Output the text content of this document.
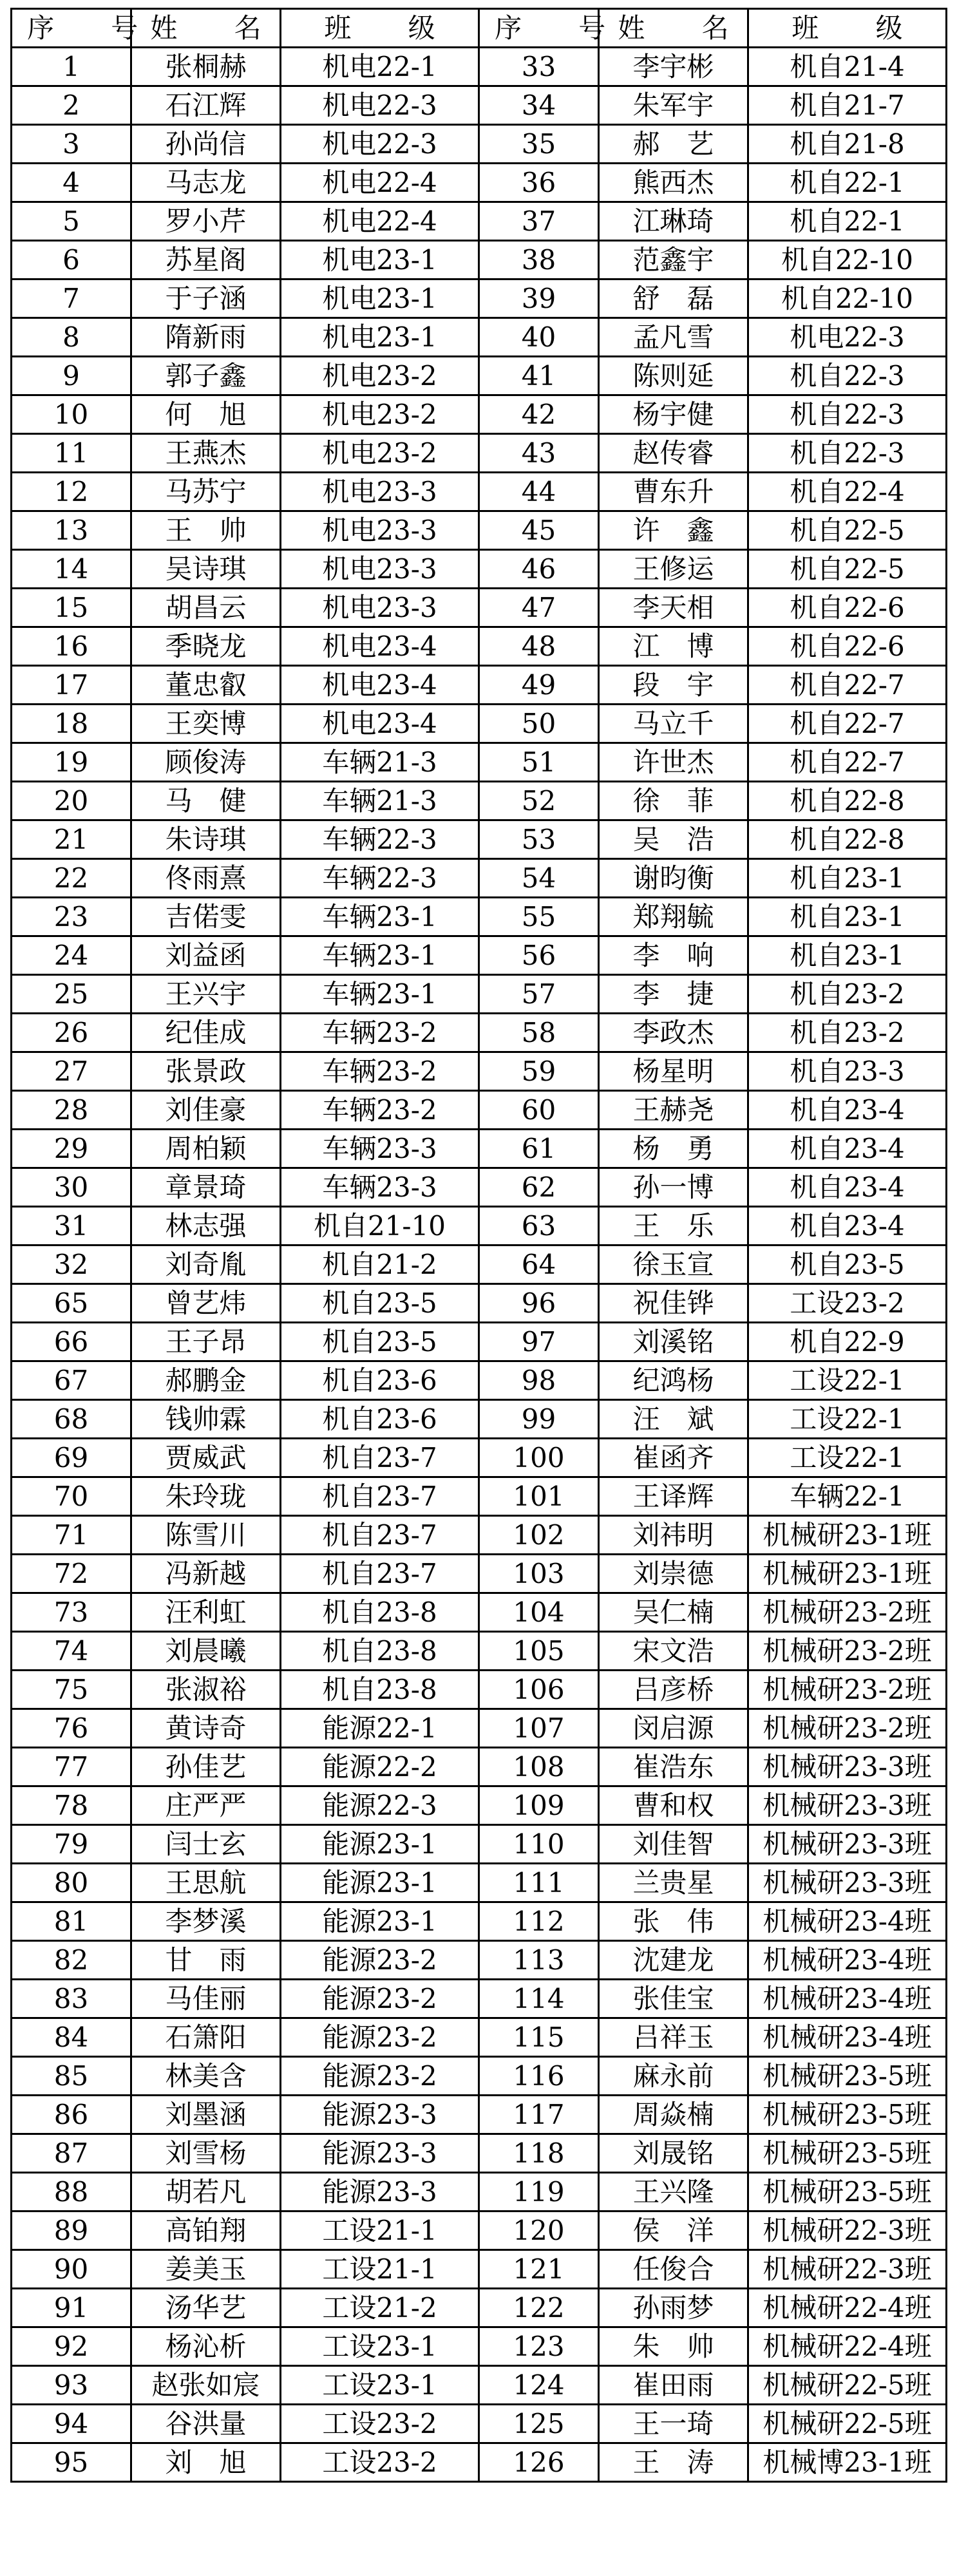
序　号	姓　名	班　级	序　号	姓　名	班　级
1	张桐赫	机电22-1	33	李宇彬	机自21-4
2	石江辉	机电22-3	34	朱军宇	机自21-7
3	孙尚信	机电22-3	35	郝　艺	机自21-8
4	马志龙	机电22-4	36	熊西杰	机自22-1
5	罗小芹	机电22-4	37	江琳琦	机自22-1
6	苏星阁	机电23-1	38	范鑫宇	机自22-10
7	于子涵	机电23-1	39	舒　磊	机自22-10
8	隋新雨	机电23-1	40	孟凡雪	机电22-3
9	郭子鑫	机电23-2	41	陈则延	机自22-3
10	何　旭	机电23-2	42	杨宇健	机自22-3
11	王燕杰	机电23-2	43	赵传睿	机自22-3
12	马苏宁	机电23-3	44	曹东升	机自22-4
13	王　帅	机电23-3	45	许　鑫	机自22-5
14	吴诗琪	机电23-3	46	王修运	机自22-5
15	胡昌云	机电23-3	47	李天相	机自22-6
16	季晓龙	机电23-4	48	江　博	机自22-6
17	董忠叡	机电23-4	49	段　宇	机自22-7
18	王奕博	机电23-4	50	马立千	机自22-7
19	顾俊涛	车辆21-3	51	许世杰	机自22-7
20	马　健	车辆21-3	52	徐　菲	机自22-8
21	朱诗琪	车辆22-3	53	吴　浩	机自22-8
22	佟雨熹	车辆22-3	54	谢昀衡	机自23-1
23	吉偌雯	车辆23-1	55	郑翔毓	机自23-1
24	刘益函	车辆23-1	56	李　响	机自23-1
25	王兴宇	车辆23-1	57	李　捷	机自23-2
26	纪佳成	车辆23-2	58	李政杰	机自23-2
27	张景政	车辆23-2	59	杨星明	机自23-3
28	刘佳豪	车辆23-2	60	王赫尧	机自23-4
29	周柏颖	车辆23-3	61	杨　勇	机自23-4
30	章景琦	车辆23-3	62	孙一博	机自23-4
31	林志强	机自21-10	63	王　乐	机自23-4
32	刘奇胤	机自21-2	64	徐玉宣	机自23-5
65	曾艺炜	机自23-5	96	祝佳铧	工设23-2
66	王子昂	机自23-5	97	刘溪铭	机自22-9
67	郝鹏金	机自23-6	98	纪鸿杨	工设22-1
68	钱帅霖	机自23-6	99	汪　斌	工设22-1
69	贾威武	机自23-7	100	崔函齐	工设22-1
70	朱玲珑	机自23-7	101	王译辉	车辆22-1
71	陈雪川	机自23-7	102	刘祎明	机械研23-1班
72	冯新越	机自23-7	103	刘崇德	机械研23-1班
73	汪利虹	机自23-8	104	吴仁楠	机械研23-2班
74	刘晨曦	机自23-8	105	宋文浩	机械研23-2班
75	张淑裕	机自23-8	106	吕彦桥	机械研23-2班
76	黄诗奇	能源22-1	107	闵启源	机械研23-2班
77	孙佳艺	能源22-2	108	崔浩东	机械研23-3班
78	庄严严	能源22-3	109	曹和权	机械研23-3班
79	闫士玄	能源23-1	110	刘佳智	机械研23-3班
80	王思航	能源23-1	111	兰贵星	机械研23-3班
81	李梦溪	能源23-1	112	张　伟	机械研23-4班
82	甘　雨	能源23-2	113	沈建龙	机械研23-4班
83	马佳丽	能源23-2	114	张佳宝	机械研23-4班
84	石箫阳	能源23-2	115	吕祥玉	机械研23-4班
85	林美含	能源23-2	116	麻永前	机械研23-5班
86	刘墨涵	能源23-3	117	周焱楠	机械研23-5班
87	刘雪杨	能源23-3	118	刘晟铭	机械研23-5班
88	胡若凡	能源23-3	119	王兴隆	机械研23-5班
89	高铂翔	工设21-1	120	侯　洋	机械研22-3班
90	姜美玉	工设21-1	121	任俊合	机械研22-3班
91	汤华艺	工设21-2	122	孙雨梦	机械研22-4班
92	杨沁析	工设23-1	123	朱　帅	机械研22-4班
93	赵张如宸	工设23-1	124	崔田雨	机械研22-5班
94	谷洪量	工设23-2	125	王一琦	机械研22-5班
95	刘　旭	工设23-2	126	王　涛	机械博23-1班
